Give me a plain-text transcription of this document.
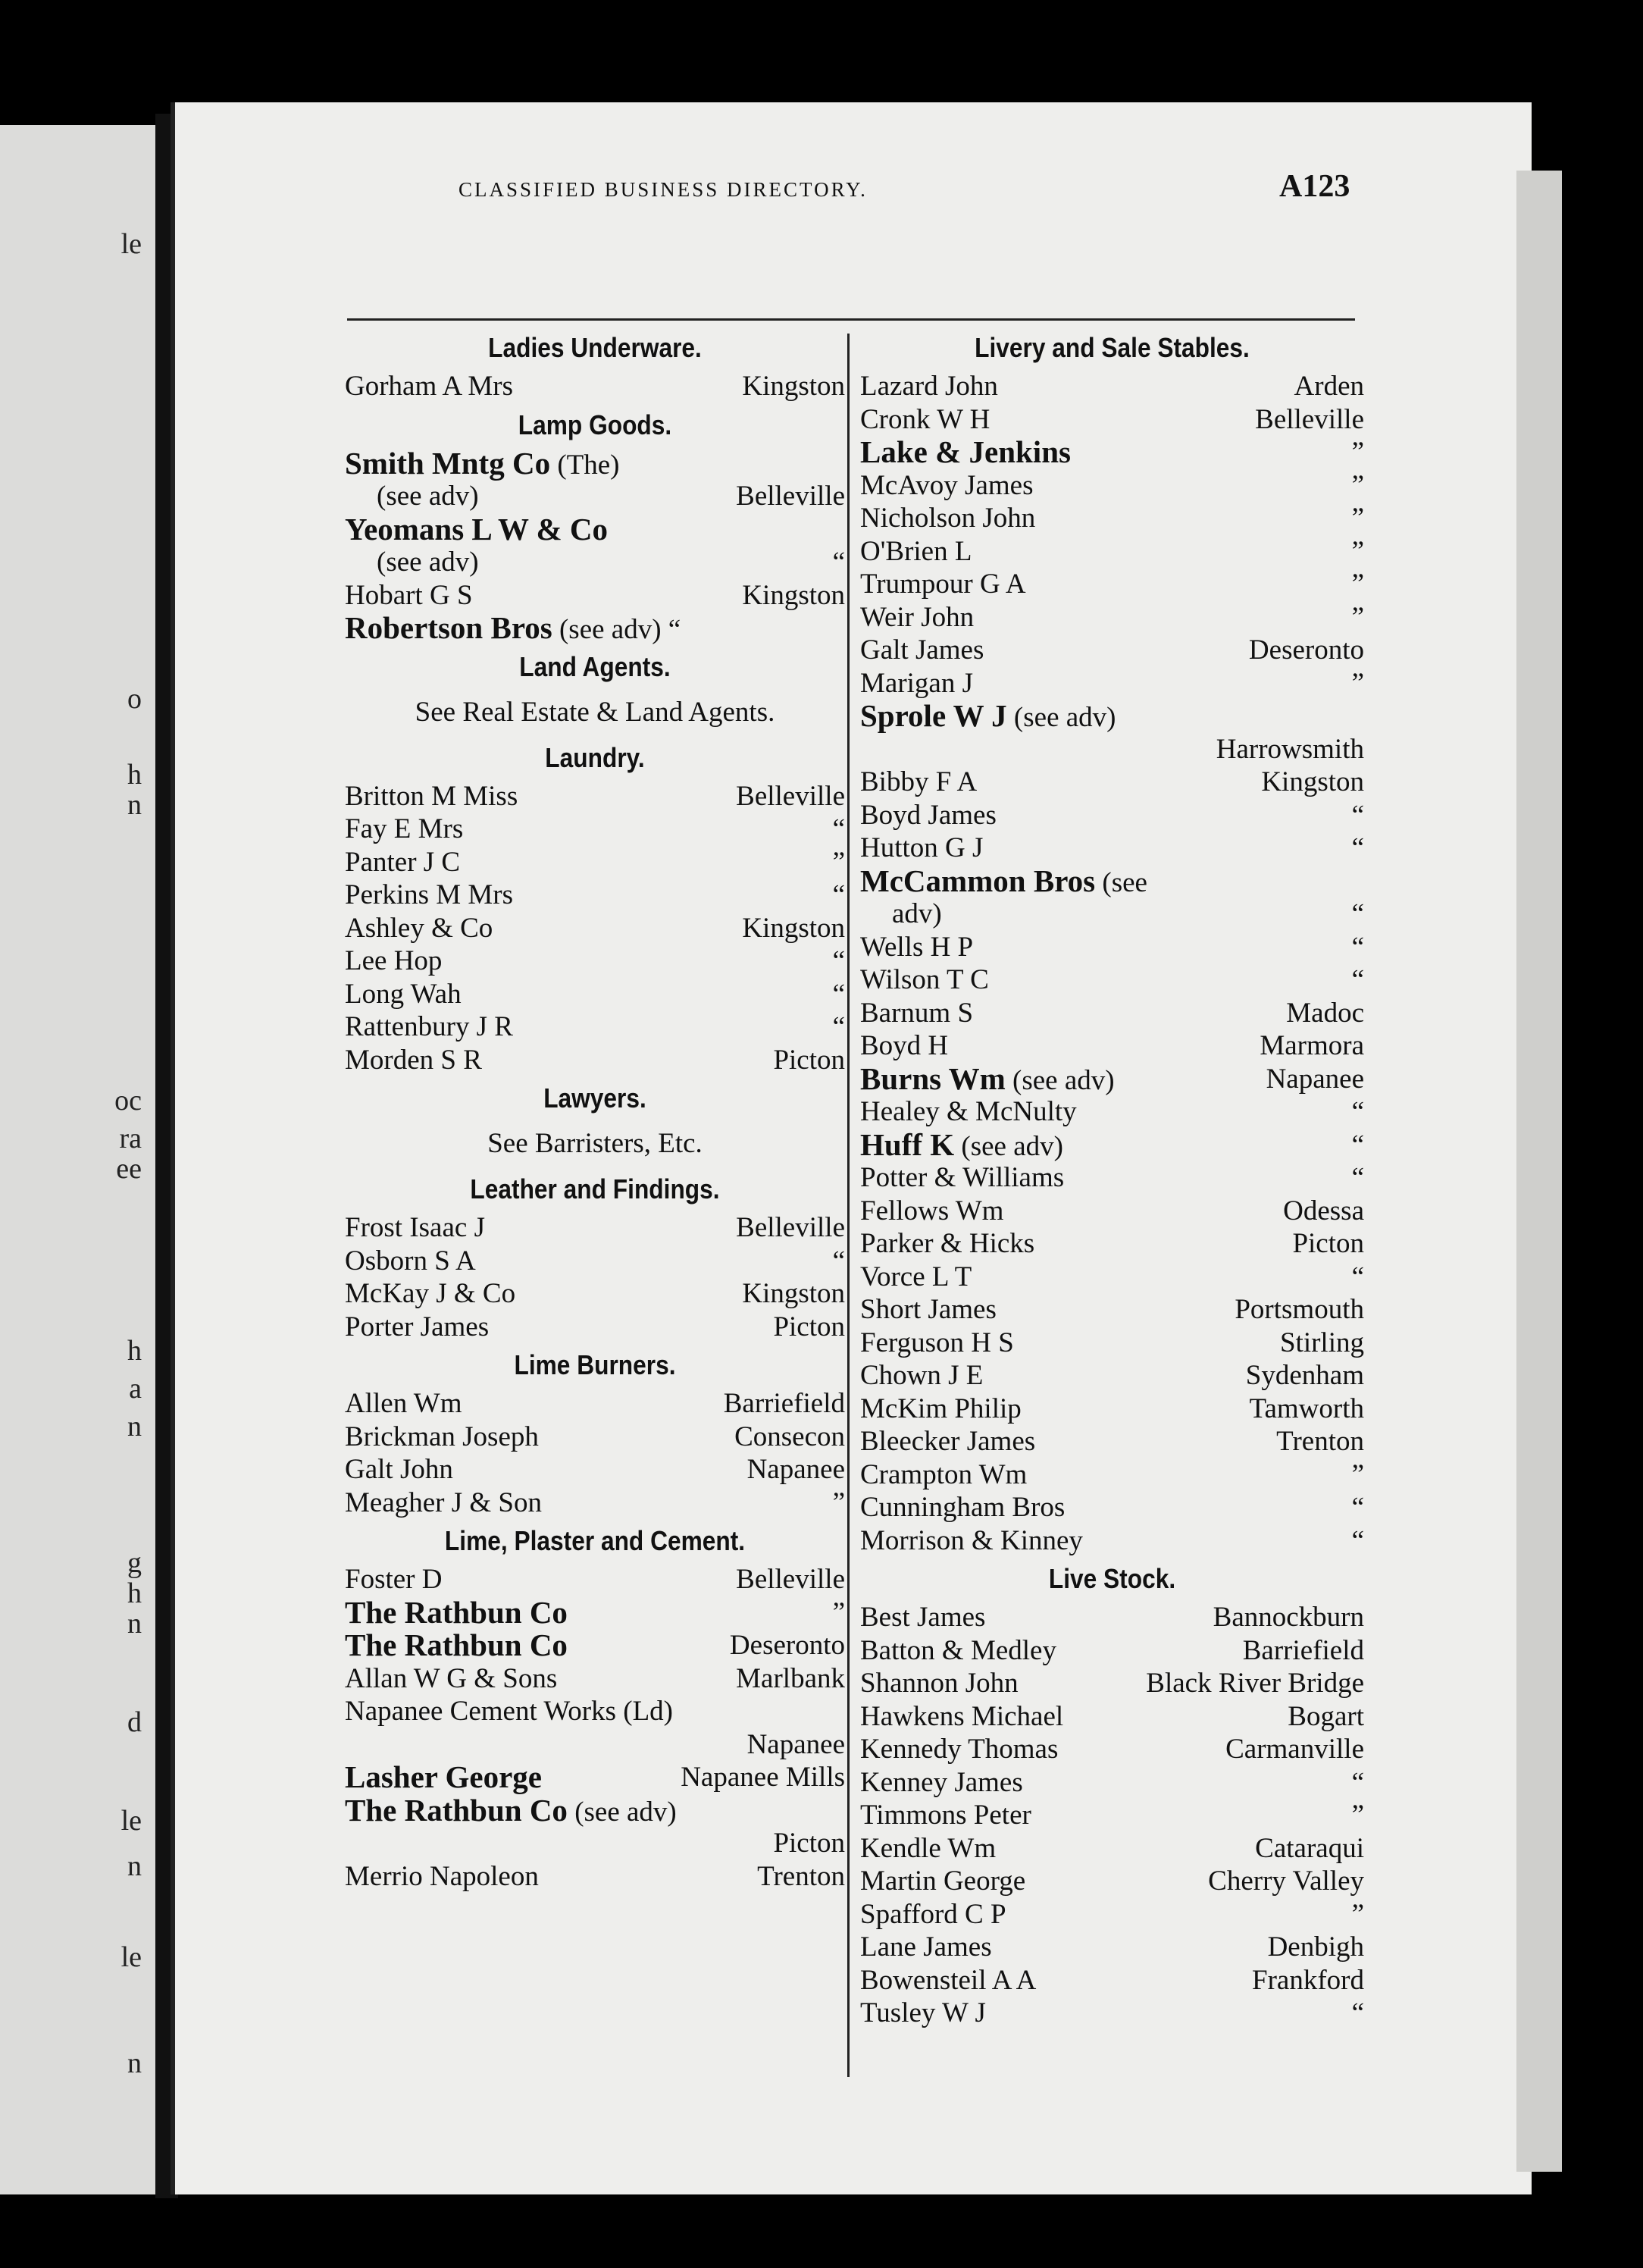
le
o
h
n
oc
ra
ee
h
a
n
g
h
n
d
le
n
le
n
CLASSIFIED BUSINESS DIRECTORY.	A123
Ladies Underware.
Gorham A Mrs	Kingston
Lamp Goods.
Smith Mntg Co (The)
(see adv)	Belleville
Yeomans L W & Co
(see adv)	“
Hobart G S	Kingston
Robertson Bros (see adv) “
Land Agents.
See Real Estate & Land Agents.
Laundry.
Britton M Miss	Belleville
Fay E Mrs	“
Panter J C	”
Perkins M Mrs	“
Ashley & Co	Kingston
Lee Hop	“
Long Wah	“
Rattenbury J R	“
Morden S R	Picton
Lawyers.
See Barristers, Etc.
Leather and Findings.
Frost Isaac J	Belleville
Osborn S A	“
McKay J & Co	Kingston
Porter James	Picton
Lime Burners.
Allen Wm	Barriefield
Brickman Joseph	Consecon
Galt John	Napanee
Meagher J & Son	”
Lime, Plaster and Cement.
Foster D	Belleville
The Rathbun Co	”
The Rathbun Co	Deseronto
Allan W G & Sons	Marlbank
Napanee Cement Works (Ld)
Napanee
Lasher George	Napanee Mills
The Rathbun Co (see adv)
Picton
Merrio Napoleon	Trenton
Livery and Sale Stables.
Lazard John	Arden
Cronk W H	Belleville
Lake & Jenkins	”
McAvoy James	”
Nicholson John	”
O'Brien L	”
Trumpour G A	”
Weir John	”
Galt James	Deseronto
Marigan J	”
Sprole W J (see adv)
Harrowsmith
Bibby F A	Kingston
Boyd James	“
Hutton G J	“
McCammon Bros (see
adv)	“
Wells H P	“
Wilson T C	“
Barnum S	Madoc
Boyd H	Marmora
Burns Wm (see adv)	Napanee
Healey & McNulty	“
Huff K (see adv)	“
Potter & Williams	“
Fellows Wm	Odessa
Parker & Hicks	Picton
Vorce L T	“
Short James	Portsmouth
Ferguson H S	Stirling
Chown J E	Sydenham
McKim Philip	Tamworth
Bleecker James	Trenton
Crampton Wm	”
Cunningham Bros	“
Morrison & Kinney	“
Live Stock.
Best James	Bannockburn
Batton & Medley	Barriefield
Shannon John	Black River Bridge
Hawkens Michael	Bogart
Kennedy Thomas	Carmanville
Kenney James	“
Timmons Peter	”
Kendle Wm	Cataraqui
Martin George	Cherry Valley
Spafford C P	”
Lane James	Denbigh
Bowensteil A A	Frankford
Tusley W J	“
